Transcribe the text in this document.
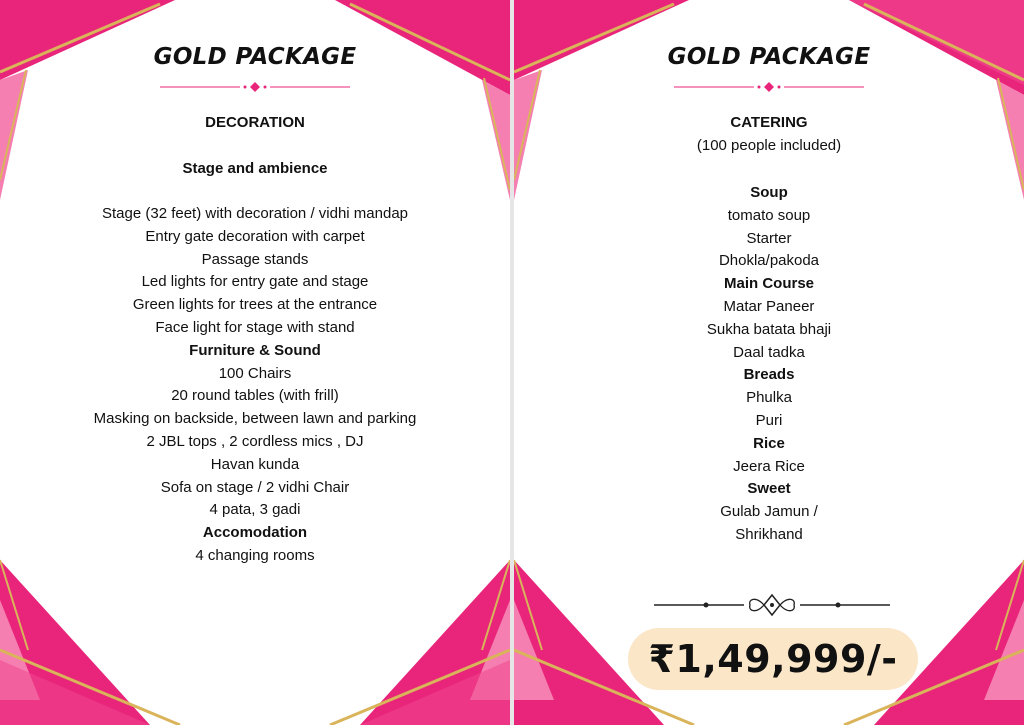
GOLD PACKAGE
DECORATION
Stage and ambience
Stage (32 feet) with decoration / vidhi mandap
Entry gate decoration with carpet
Passage stands
Led lights for entry gate and stage
Green lights for trees at the entrance
Face light for stage with stand
Furniture & Sound
100 Chairs
20 round tables (with frill)
Masking on backside, between lawn and parking
2 JBL tops , 2 cordless mics , DJ
Havan kunda
Sofa on stage / 2 vidhi Chair
4 pata, 3 gadi
Accomodation
4 changing rooms
GOLD PACKAGE
CATERING
(100 people included)
Soup
tomato soup
Starter
Dhokla/pakoda
Main Course
Matar Paneer
Sukha batata bhaji
Daal tadka
Breads
Phulka
Puri
Rice
Jeera Rice
Sweet
Gulab Jamun /
Shrikhand
₹1,49,999/-
